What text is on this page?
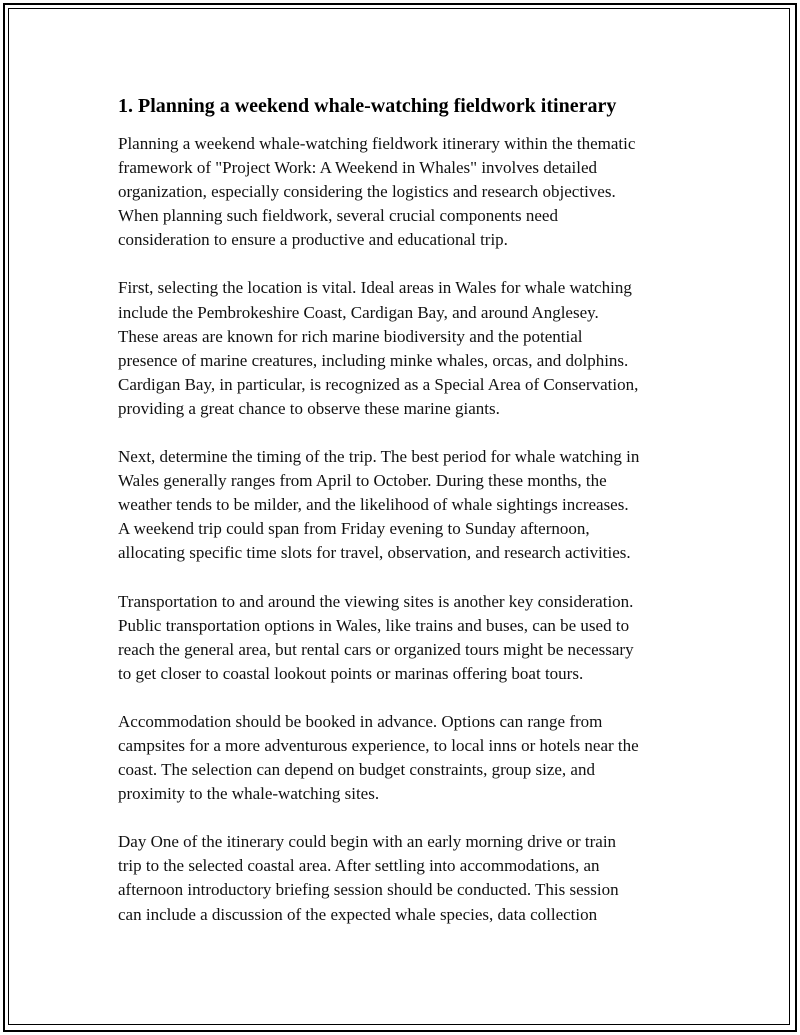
1. Planning a weekend whale-watching fieldwork itinerary
Planning a weekend whale-watching fieldwork itinerary within the thematic
framework of "Project Work: A Weekend in Whales" involves detailed
organization, especially considering the logistics and research objectives.
When planning such fieldwork, several crucial components need
consideration to ensure a productive and educational trip.
First, selecting the location is vital. Ideal areas in Wales for whale watching
include the Pembrokeshire Coast, Cardigan Bay, and around Anglesey.
These areas are known for rich marine biodiversity and the potential
presence of marine creatures, including minke whales, orcas, and dolphins.
Cardigan Bay, in particular, is recognized as a Special Area of Conservation,
providing a great chance to observe these marine giants.
Next, determine the timing of the trip. The best period for whale watching in
Wales generally ranges from April to October. During these months, the
weather tends to be milder, and the likelihood of whale sightings increases.
A weekend trip could span from Friday evening to Sunday afternoon,
allocating specific time slots for travel, observation, and research activities.
Transportation to and around the viewing sites is another key consideration.
Public transportation options in Wales, like trains and buses, can be used to
reach the general area, but rental cars or organized tours might be necessary
to get closer to coastal lookout points or marinas offering boat tours.
Accommodation should be booked in advance. Options can range from
campsites for a more adventurous experience, to local inns or hotels near the
coast. The selection can depend on budget constraints, group size, and
proximity to the whale-watching sites.
Day One of the itinerary could begin with an early morning drive or train
trip to the selected coastal area. After settling into accommodations, an
afternoon introductory briefing session should be conducted. This session
can include a discussion of the expected whale species, data collection
